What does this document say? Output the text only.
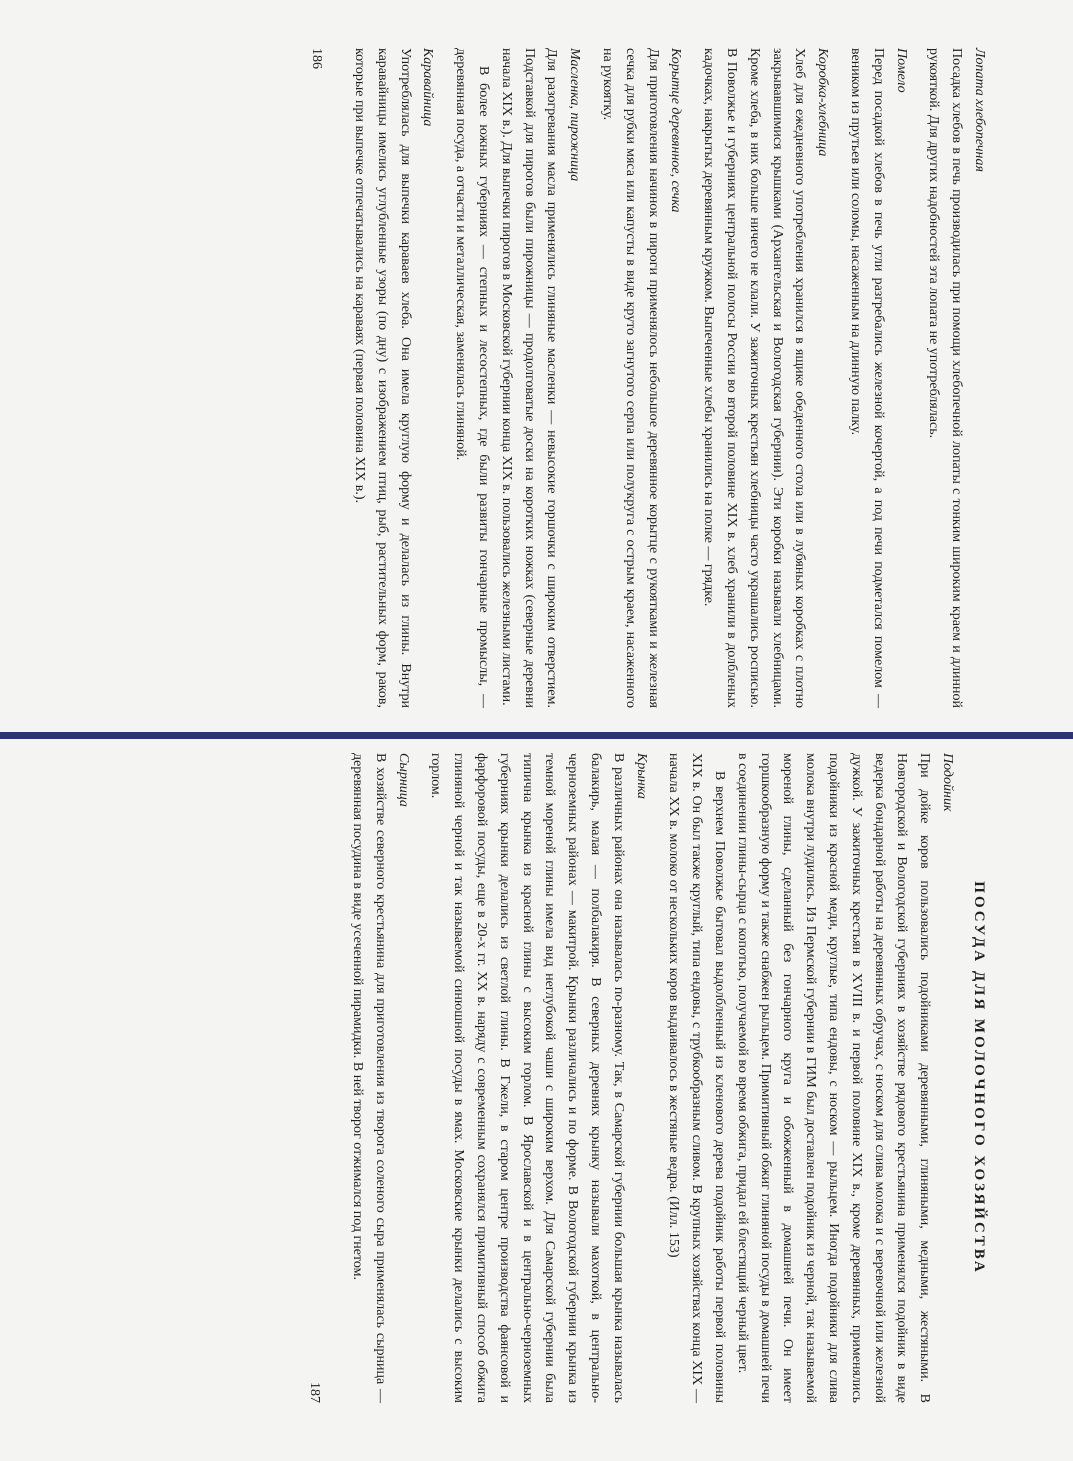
Лопата хлебопечная

Посадка хлебов в печь производилась при помощи хлебопечной лопаты с тонким широким краем и длинной рукояткой. Для других надобностей эта лопата не употреблялась.

Помело

Перед посадкой хлебов в печь угли разгребались железной кочергой, а под печи подметался помелом — веником из прутьев или соломы, насаженным на длинную палку.

Коробка-хлебница

Хлеб для ежедневного употребления хранился в ящике обеденного стола или в лубяных коробках с плотно закрывавшимися крышками (Архангельская и Вологодская губернии). Эти коробки называли хлебницами. Кроме хлеба, в них больше ничего не клали. У зажиточных крестьян хлебницы часто украшались росписью. В Поволжье и губерниях центральной полосы России во второй половине XIX в. хлеб хранили в долбленых кадочках, накрытых деревянным кружком. Выпеченные хлебы хранились на полке — грядке.

Корытце деревянное, сечка

Для приготовления начинок в пироги применялось небольшое деревянное корытце с рукоятками и железная сечка для рубки мяса или капусты в виде круто загнутого серпа или полукруга с острым краем, насаженного на рукоятку.

Масленка, пирожница

Для разогревания масла применялись глиняные масленки — невысокие горшочки с широким отверстием. Подставкой для пирогов были пирожницы — продолговатые доски на коротких ножках (северные деревни начала XIX в.). Для выпечки пирогов в Московской губернии конца XIX в. пользовались железными листами.

В более южных губерниях — степных и лесостепных, где были развиты гончарные промыслы, — деревянная посуда, а отчасти и металлическая, заменялась глиняной.

Каравайница

Употреблялась для выпечки караваев хлеба. Она имела круглую форму и делалась из глины. Внутри каравайницы имелись углубленные узоры (по дну) с изображением птиц, рыб, растительных форм, раков, которые при выпечке отпечатывались на караваях (первая половина XIX в.).

186
ПОСУДА ДЛЯ МОЛОЧНОГО ХОЗЯЙСТВА
Подойник

При дойке коров пользовались подойниками деревянными, глиняными, медными, жестяными. В Новгородской и Вологодской губерниях в хозяйстве рядового крестьянина применялся подойник в виде ведерка бондарной работы на деревянных обручах, с носком для слива молока и с веревочной или железной дужкой. У зажиточных крестьян в XVIII в. и первой половине XIX в., кроме деревянных, применялись подойники из красной меди, круглые, типа ендовы, с носком — рыльцем. Иногда подойники для слива молока внутри лудились. Из Пермской губернии в ГИМ был доставлен подойник из черной, так называемой мореной глины, сделанный без гончарного круга и обожженный в домашней печи. Он имеет горшкообразную форму и также снабжен рыльцем. Примитивный обжиг глиняной посуды в домашней печи в соединении глины-сырца с копотью, получаемой во время обжига, придал ей блестящий черный цвет.

В верхнем Поволжье бытовал выдолбленный из кленового дерева подойник работы первой половины XIX в. Он был также круглый, типа ендовы, с трубкообразным сливом. В крупных хозяйствах конца XIX — начала XX в. молоко от нескольких коров выдаивалось в жестяные ведра. (Илл. 153)

Крынка

В различных районах она называлась по-разному. Так, в Самарской губернии большая крынка называлась балакирь, малая — полбалакиря. В северных деревнях крынку называли махоткой, в центрально-черноземных районах — макитрой. Крынки различались и по форме. В Вологодской губернии крынка из темной мореной глины имела вид неглубокой чаши с широким верхом. Для Самарской губернии была типична крынка из красной глины с высоким горлом. В Ярославской и в центрально-черноземных губерниях крынки делались из светлой глины. В Гжели, в старом центре производства фаянсовой и фарфоровой посуды, еще в 20-х гг. XX в. наряду с современным сохранялся примитивный способ обжига глиняной черной и так называемой синюшной посуды в ямах. Московские крынки делались с высоким горлом.

Сырница

В хозяйстве северного крестьянина для приготовления из творога соленого сыра применялась сырница — деревянная посудина в виде усеченной пирамидки. В ней творог отжимался под гнетом.

187
